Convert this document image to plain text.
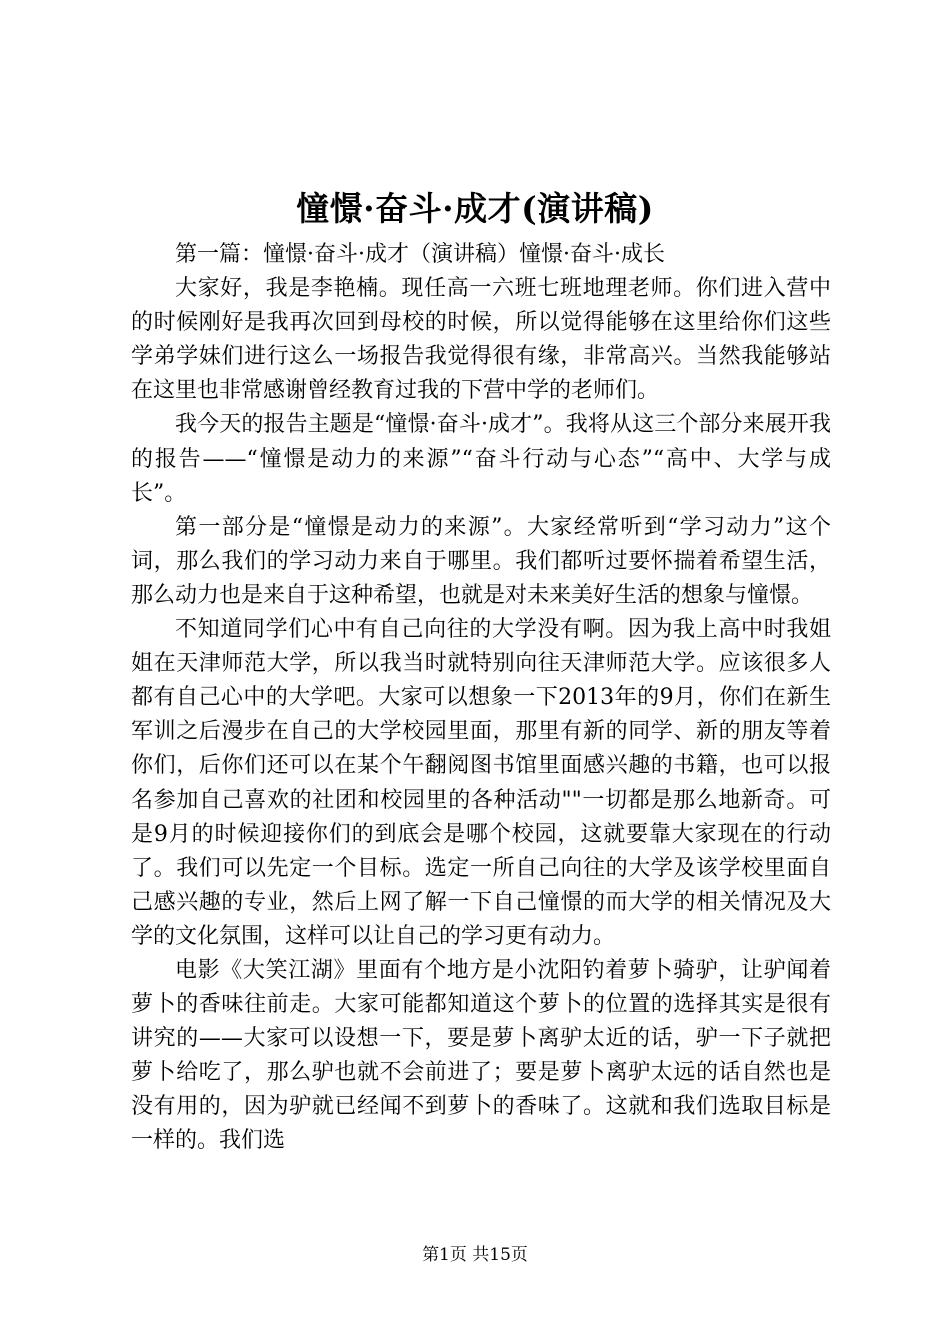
憧憬·奋斗·成才(演讲稿)

第一篇：憧憬·奋斗·成才（演讲稿）憧憬·奋斗·成长

大家好，我是李艳楠。现任高一六班七班地理老师。你们进入营中的时候刚好是我再次回到母校的时候，所以觉得能够在这里给你们这些学弟学妹们进行这么一场报告我觉得很有缘，非常高兴。当然我能够站在这里也非常感谢曾经教育过我的下营中学的老师们。

我今天的报告主题是“憧憬·奋斗·成才”。我将从这三个部分来展开我的报告——“憧憬是动力的来源”“奋斗行动与心态”“高中、大学与成长”。

第一部分是“憧憬是动力的来源”。大家经常听到“学习动力”这个词，那么我们的学习动力来自于哪里。我们都听过要怀揣着希望生活，那么动力也是来自于这种希望，也就是对未来美好生活的想象与憧憬。

不知道同学们心中有自己向往的大学没有啊。因为我上高中时我姐姐在天津师范大学，所以我当时就特别向往天津师范大学。应该很多人都有自己心中的大学吧。大家可以想象一下2013年的9月，你们在新生军训之后漫步在自己的大学校园里面，那里有新的同学、新的朋友等着你们，后你们还可以在某个午翻阅图书馆里面感兴趣的书籍，也可以报名参加自己喜欢的社团和校园里的各种活动""一切都是那么地新奇。可是9月的时候迎接你们的到底会是哪个校园，这就要靠大家现在的行动了。我们可以先定一个目标。选定一所自己向往的大学及该学校里面自己感兴趣的专业，然后上网了解一下自己憧憬的而大学的相关情况及大学的文化氛围，这样可以让自己的学习更有动力。

电影《大笑江湖》里面有个地方是小沈阳钓着萝卜骑驴，让驴闻着萝卜的香味往前走。大家可能都知道这个萝卜的位置的选择其实是很有讲究的——大家可以设想一下，要是萝卜离驴太近的话，驴一下子就把萝卜给吃了，那么驴也就不会前进了；要是萝卜离驴太远的话自然也是没有用的，因为驴就已经闻不到萝卜的香味了。这就和我们选取目标是一样的。我们选

第1页 共15页
